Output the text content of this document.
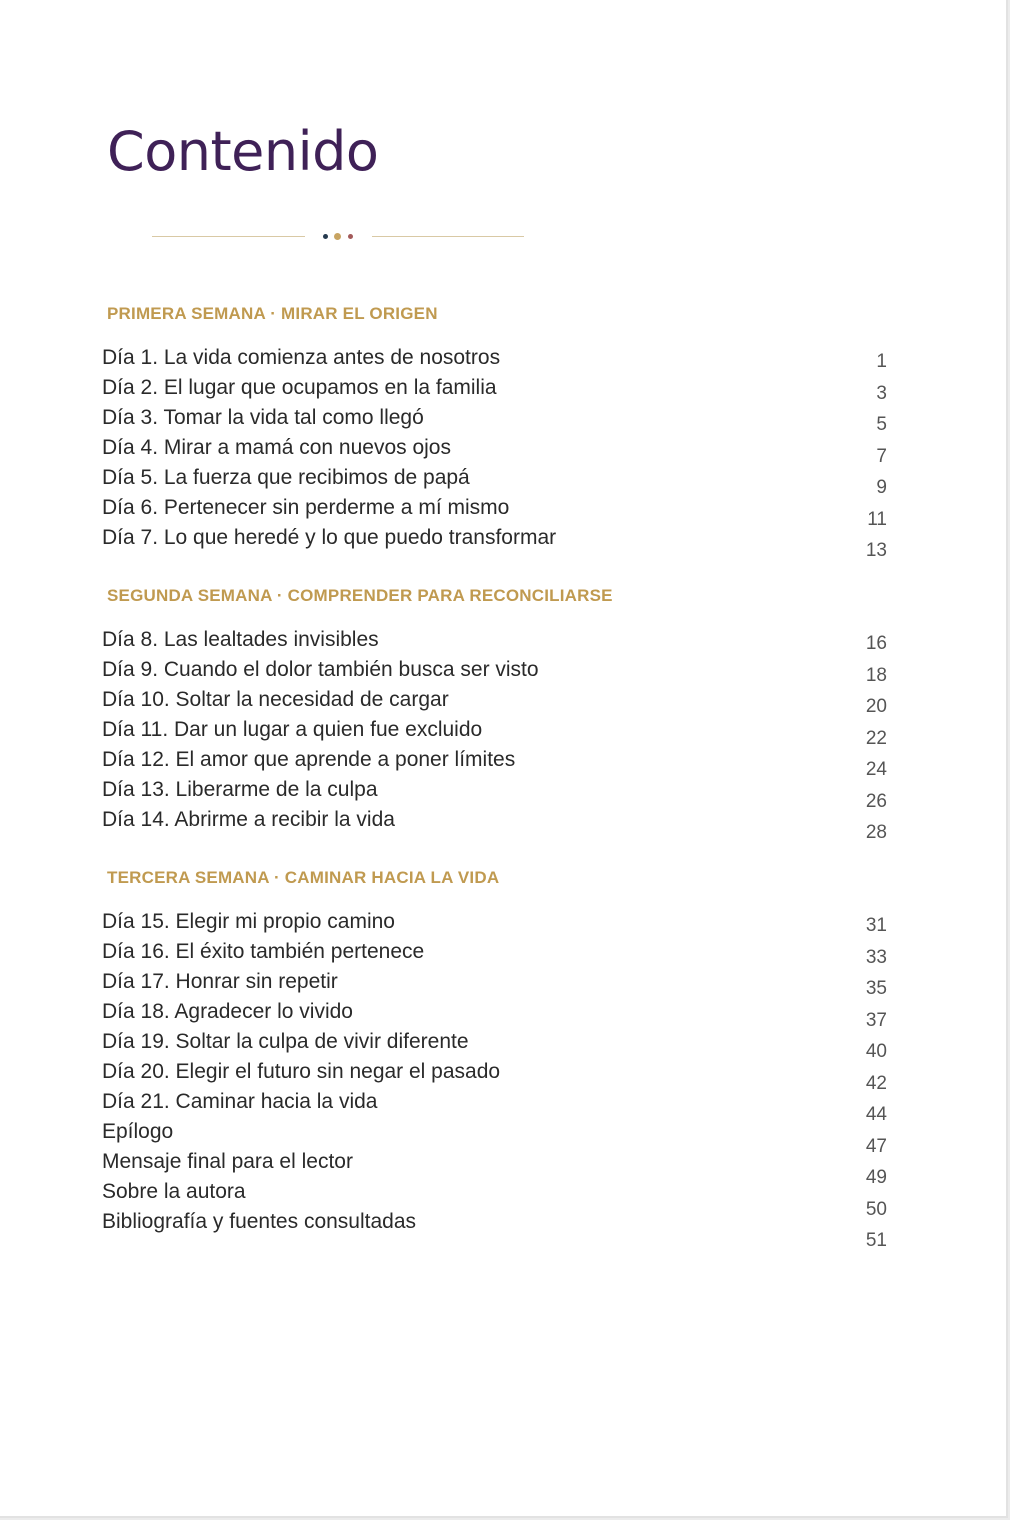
Contenido
PRIMERA SEMANA · MIRAR EL ORIGEN
Día 1. La vida comienza antes de nosotros
Día 2. El lugar que ocupamos en la familia
Día 3. Tomar la vida tal como llegó
Día 4. Mirar a mamá con nuevos ojos
Día 5. La fuerza que recibimos de papá
Día 6. Pertenecer sin perderme a mí mismo
Día 7. Lo que heredé y lo que puedo transformar
1
3
5
7
9
11
13
SEGUNDA SEMANA · COMPRENDER PARA RECONCILIARSE
Día 8. Las lealtades invisibles
Día 9. Cuando el dolor también busca ser visto
Día 10. Soltar la necesidad de cargar
Día 11. Dar un lugar a quien fue excluido
Día 12. El amor que aprende a poner límites
Día 13. Liberarme de la culpa
Día 14. Abrirme a recibir la vida
16
18
20
22
24
26
28
TERCERA SEMANA · CAMINAR HACIA LA VIDA
Día 15. Elegir mi propio camino
Día 16. El éxito también pertenece
Día 17. Honrar sin repetir
Día 18. Agradecer lo vivido
Día 19. Soltar la culpa de vivir diferente
Día 20. Elegir el futuro sin negar el pasado
Día 21. Caminar hacia la vida
Epílogo
Mensaje final para el lector
Sobre la autora
Bibliografía y fuentes consultadas
31
33
35
37
40
42
44
47
49
50
51
